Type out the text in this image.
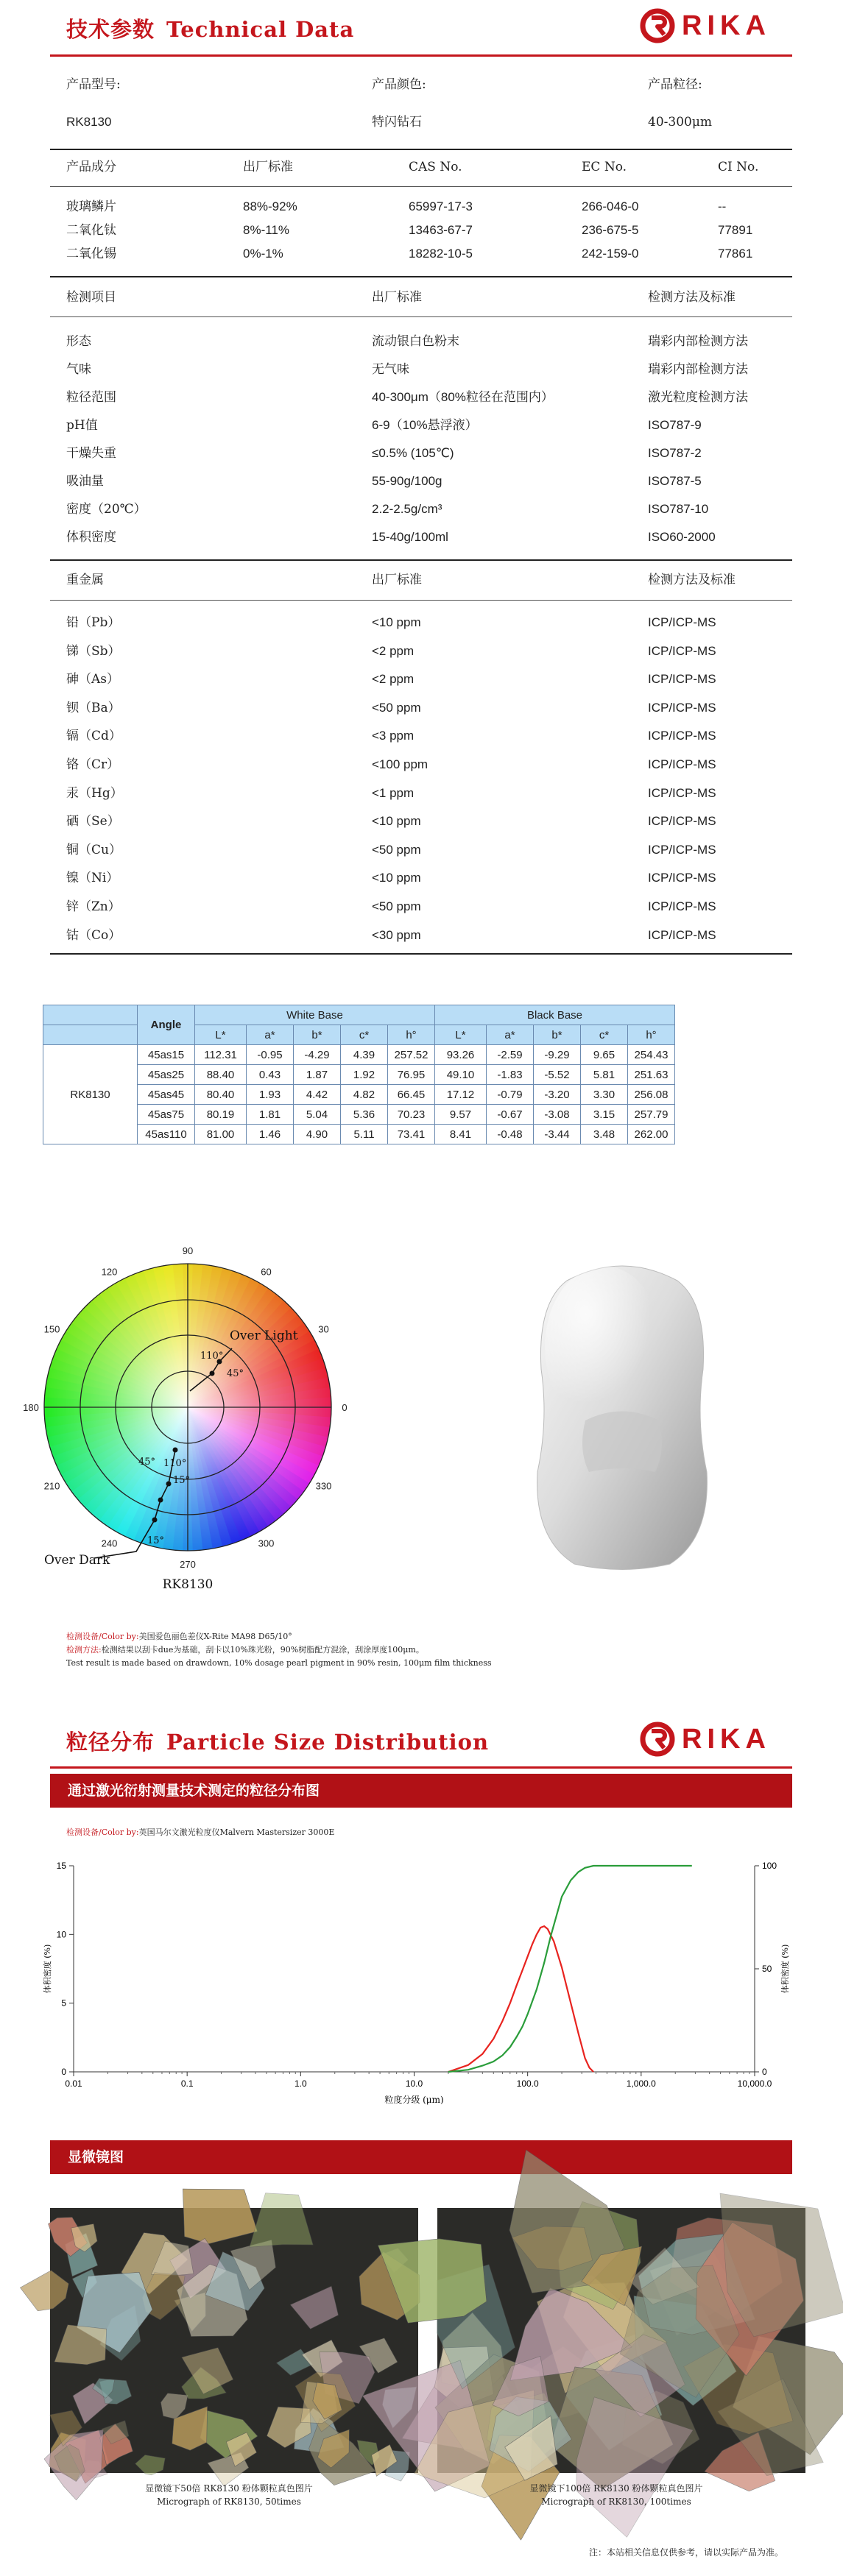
技术参数 Technical Data	RIKA
产品型号:	产品颜色:	产品粒径:
RK8130	特闪钻石	40-300μm
产品成分	出厂标准	CAS No.	EC No.	CI No.
玻璃鳞片	88%-92%	65997-17-3	266-046-0	--
二氧化钛	8%-11%	13463-67-7	236-675-5	77891
二氧化锡	0%-1%	18282-10-5	242-159-0	77861
检测项目	出厂标准	检测方法及标准
形态	流动银白色粉末	瑞彩内部检测方法
气味	无气味	瑞彩内部检测方法
粒径范围	40-300μm（80%粒径在范围内）	激光粒度检测方法
pH值	6-9（10%悬浮液）	ISO787-9
干燥失重	≤0.5% (105℃)	ISO787-2
吸油量	55-90g/100g	ISO787-5
密度（20℃）	2.2-2.5g/cm³	ISO787-10
体积密度	15-40g/100ml	ISO60-2000
重金属	出厂标准	检测方法及标准
铅（Pb）	<10 ppm	ICP/ICP-MS
锑（Sb）	<2 ppm	ICP/ICP-MS
砷（As）	<2 ppm	ICP/ICP-MS
钡（Ba）	<50 ppm	ICP/ICP-MS
镉（Cd）	<3 ppm	ICP/ICP-MS
铬（Cr）	<100 ppm	ICP/ICP-MS
汞（Hg）	<1 ppm	ICP/ICP-MS
硒（Se）	<10 ppm	ICP/ICP-MS
铜（Cu）	<50 ppm	ICP/ICP-MS
镍（Ni）	<10 ppm	ICP/ICP-MS
锌（Zn）	<50 ppm	ICP/ICP-MS
钴（Co）	<30 ppm	ICP/ICP-MS
	Angle	White Base					Black Base				
		L*	a*	b*	c*	h°	L*	a*	b*	c*	h°
RK8130	45as15	112.31	-0.95	-4.29	4.39	257.52	93.26	-2.59	-9.29	9.65	254.43
	45as25	88.40	0.43	1.87	1.92	76.95	49.10	-1.83	-5.52	5.81	251.63
	45as45	80.40	1.93	4.42	4.82	66.45	17.12	-0.79	-3.20	3.30	256.08
	45as75	80.19	1.81	5.04	5.36	70.23	9.57	-0.67	-3.08	3.15	257.79
	45as110	81.00	1.46	4.90	5.11	73.41	8.41	-0.48	-3.44	3.48	262.00
90
60
30
0
330
300
270
240
210
180
150
120
Over Light
Over Dark
110°
45°
45° 110°
15°
15°
RK8130
检测设备/Color by:美国爱色丽色差仪X-Rite MA98 D65/10°
检测方法:检测结果以刮卡due为基础，刮卡以10%珠光粉，90%树脂配方混涂，刮涂厚度100μm。
Test result is made based on drawdown, 10% dosage pearl pigment in 90% resin, 100μm film thickness
粒径分布 Particle Size Distribution	RIKA
通过激光衍射测量技术测定的粒径分布图
检测设备/Color by:英国马尔文激光粒度仪Malvern Mastersizer 3000E
0.01	0.1	1.0	10.0	100.0	1,000.0	10,000.0
0
5
10
15
0
50
100
粒度分级 (μm)
体积密度 (%)	体积密度 (%)
显微镜图
显微镜下50倍 RK8130 粉体颗粒真色图片
Micrograph of RK8130, 50times
显微镜下100倍 RK8130 粉体颗粒真色图片
Micrograph of RK8130, 100times
注：本站相关信息仅供参考，请以实际产品为准。
